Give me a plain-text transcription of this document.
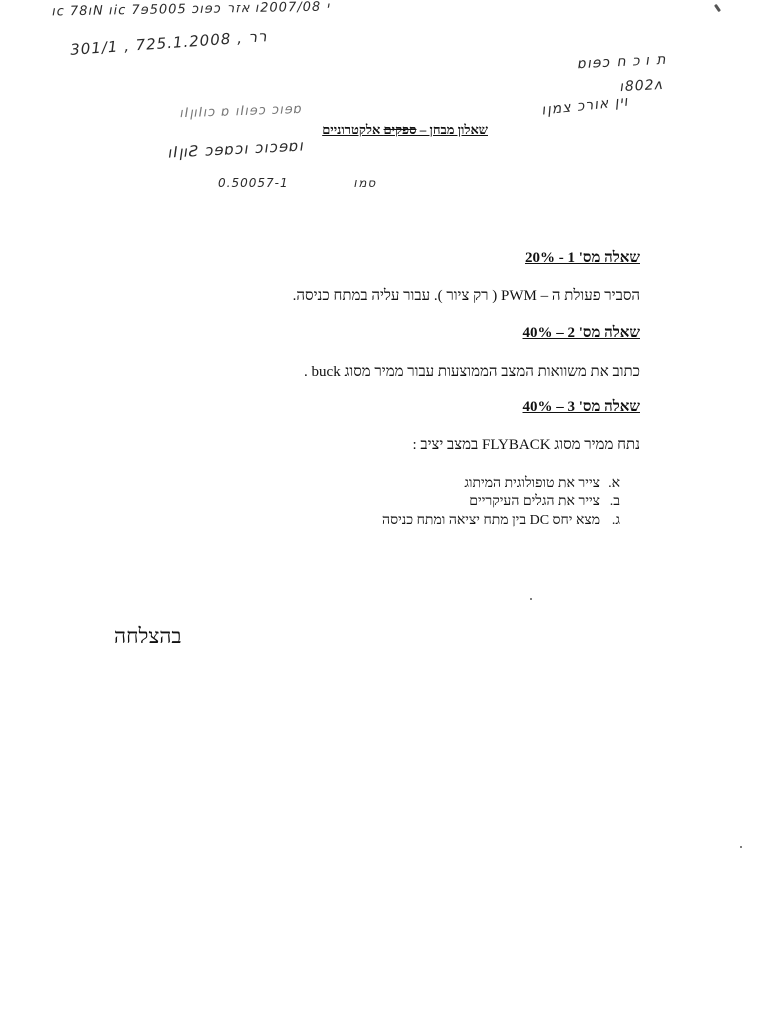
ıc 78ıN ıic 7ɘ5005 ɔıɘɔ אזר ıי 2007/08
301/1 , 7רר , 25.1.2008
ɒıɘɔ כ ח ı ת
ı802ᴧ
ıוין אורכ צמן
ıIןıIıɔ ɒ ıIıɘɔ ɔıɘɒ
שאלון מבחן – ספקים אלקטרוניים
ıIןıƧ ɔɘɒɔı ɔıɔɘɒı
0.50057-1	ıסמ
שאלה מס' 1 - 20%
הסביר פעולת ה – PWM ( רק ציור ). עבור עליה במתח כניסה.
שאלה מס' 2 – 40%
כתוב את משוואות המצב הממוצעות עבור ממיר מסוג buck .
שאלה מס' 3 – 40%
נתח ממיר מסוג FLYBACK במצב יציב :
א.צייר את טופולוגית המיתוג
ב.צייר את הגלים העיקריים
ג.מצא יחס DC בין מתח יציאה ומתח כניסה
בהצלחה
